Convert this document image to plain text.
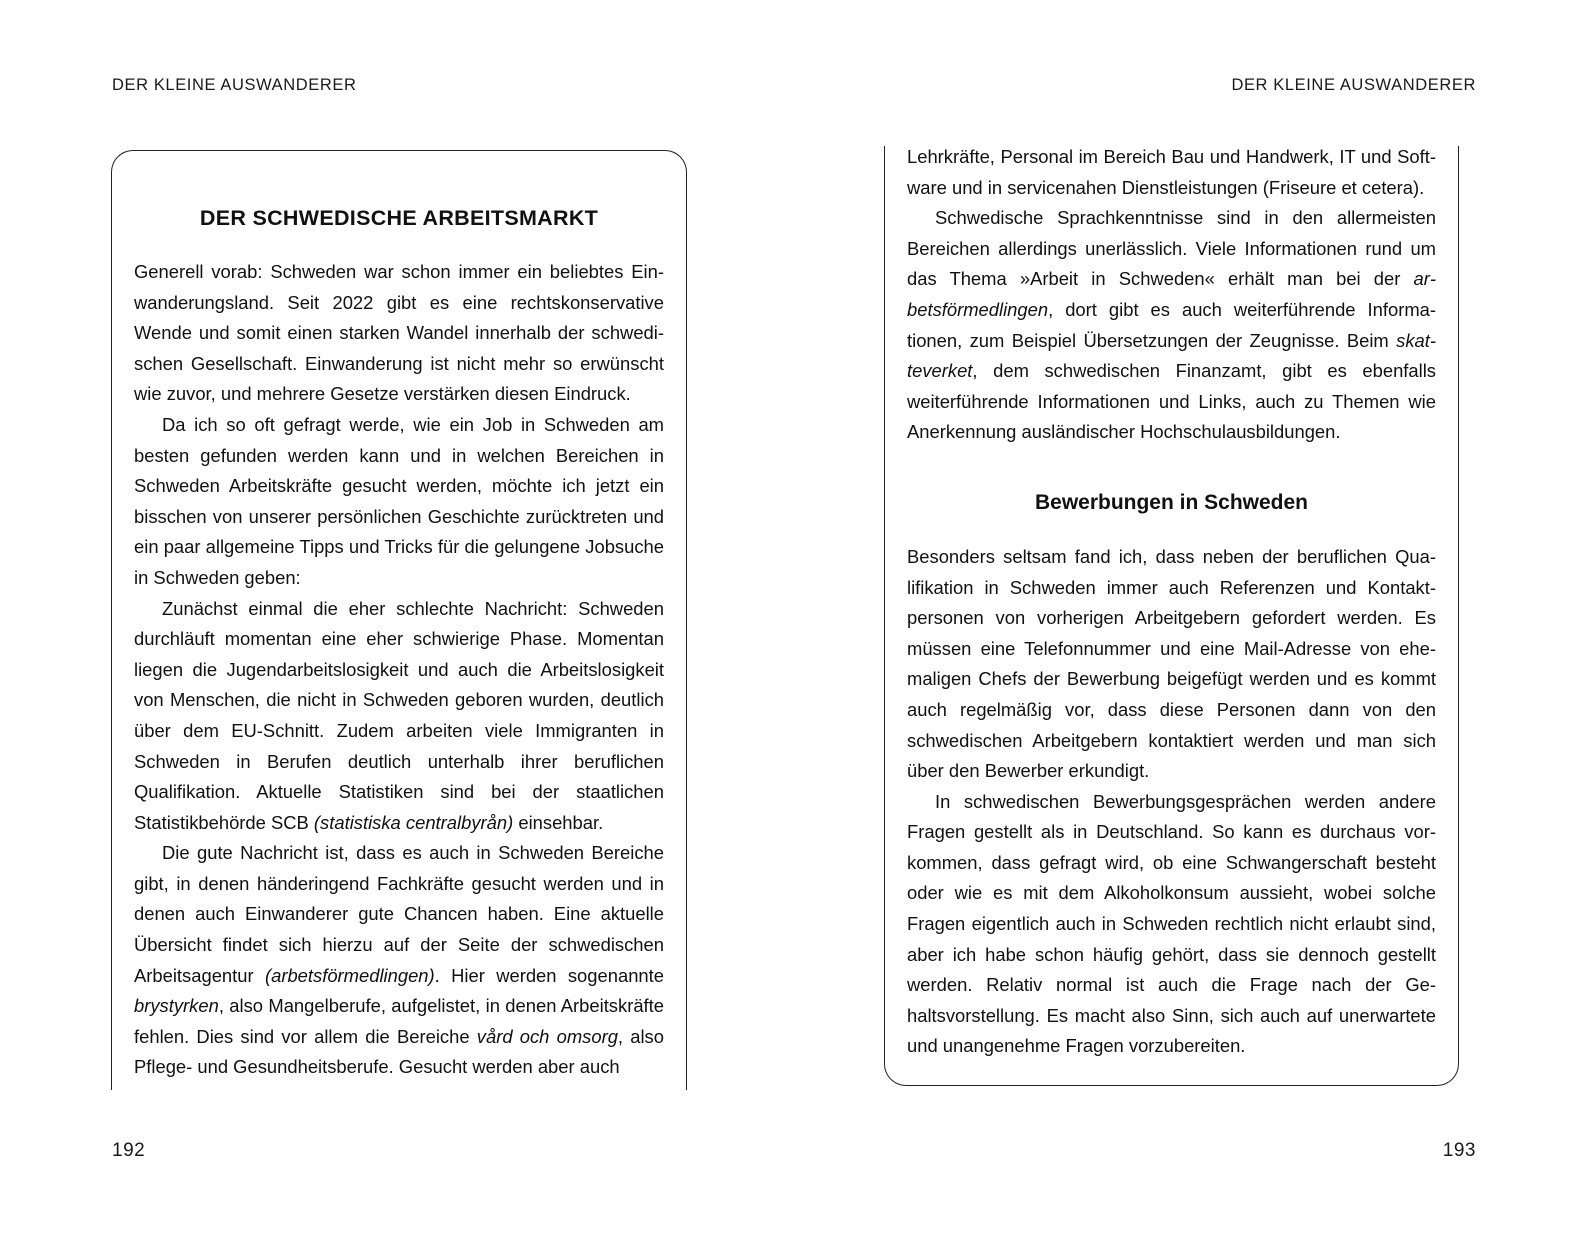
DER KLEINE AUSWANDERER
DER SCHWEDISCHE ARBEITSMARKT

Generell vorab: Schweden war schon immer ein beliebtes Einwanderungsland. Seit 2022 gibt es eine rechtskonservative Wende und somit einen starken Wandel innerhalb der schwedischen Gesellschaft. Einwanderung ist nicht mehr so erwünscht wie zuvor, und mehrere Gesetze verstärken diesen Eindruck.

Da ich so oft gefragt werde, wie ein Job in Schweden am besten gefunden werden kann und in welchen Bereichen in Schweden Arbeitskräfte gesucht werden, möchte ich jetzt ein bisschen von unserer persönlichen Geschichte zurücktreten und ein paar allgemeine Tipps und Tricks für die gelungene Jobsuche in Schweden geben:

Zunächst einmal die eher schlechte Nachricht: Schweden durchläuft momentan eine eher schwierige Phase. Momentan liegen die Jugendarbeitslosigkeit und auch die Arbeitslosigkeit von Menschen, die nicht in Schweden geboren wurden, deutlich über dem EU-Schnitt. Zudem arbeiten viele Immigranten in Schweden in Berufen deutlich unterhalb ihrer beruflichen Qualifikation. Aktuelle Statistiken sind bei der staatlichen Statistikbehörde SCB (statistiska centralbyrån) einsehbar.

Die gute Nachricht ist, dass es auch in Schweden Bereiche gibt, in denen händeringend Fachkräfte gesucht werden und in denen auch Einwanderer gute Chancen haben. Eine aktuelle Übersicht findet sich hierzu auf der Seite der schwedischen Arbeitsagentur (arbetsförmedlingen). Hier werden sogenannte brystyrken, also Mangelberufe, aufgelistet, in denen Arbeitskräfte fehlen. Dies sind vor allem die Bereiche vård och omsorg, also Pflege- und Gesundheitsberufe. Gesucht werden aber auch

192
DER KLEINE AUSWANDERER

Lehrkräfte, Personal im Bereich Bau und Handwerk, IT und Software und in servicenahen Dienstleistungen (Friseure et cetera).

Schwedische Sprachkenntnisse sind in den allermeisten Bereichen allerdings unerlässlich. Viele Informationen rund um das Thema »Arbeit in Schweden« erhält man bei der arbetsförmedlingen, dort gibt es auch weiterführende Informationen, zum Beispiel Übersetzungen der Zeugnisse. Beim skatteverket, dem schwedischen Finanzamt, gibt es ebenfalls weiterführende Informationen und Links, auch zu Themen wie Anerkennung ausländischer Hochschulausbildungen.

Bewerbungen in Schweden

Besonders seltsam fand ich, dass neben der beruflichen Qualifikation in Schweden immer auch Referenzen und Kontaktpersonen von vorherigen Arbeitgebern gefordert werden. Es müssen eine Telefonnummer und eine Mail-Adresse von ehemaligen Chefs der Bewerbung beigefügt werden und es kommt auch regelmäßig vor, dass diese Personen dann von den schwedischen Arbeitgebern kontaktiert werden und man sich über den Bewerber erkundigt.

In schwedischen Bewerbungsgesprächen werden andere Fragen gestellt als in Deutschland. So kann es durchaus vorkommen, dass gefragt wird, ob eine Schwangerschaft besteht oder wie es mit dem Alkoholkonsum aussieht, wobei solche Fragen eigentlich auch in Schweden rechtlich nicht erlaubt sind, aber ich habe schon häufig gehört, dass sie dennoch gestellt werden. Relativ normal ist auch die Frage nach der Gehaltsvorstellung. Es macht also Sinn, sich auch auf unerwartete und unangenehme Fragen vorzubereiten.

193
